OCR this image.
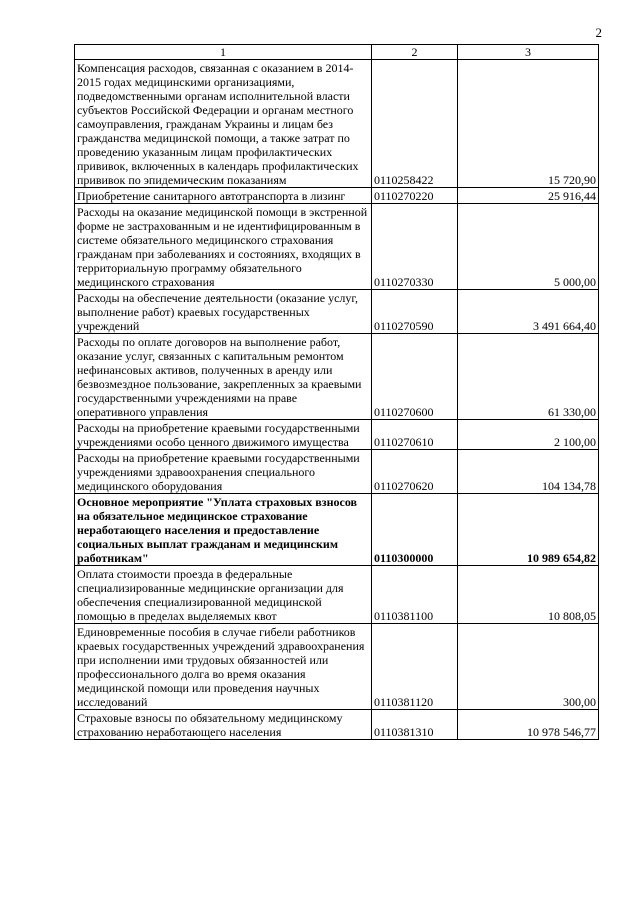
2
1	2	3
Компенсация расходов, связанная с оказанием в 2014-2015 годах медицинскими организациями, подведомственными органам исполнительной власти субъектов Российской Федерации и органам местного самоуправления, гражданам Украины и лицам без гражданства медицинской помощи, а также затрат по проведению указанным лицам профилактических прививок, включенных в календарь профилактических прививок по эпидемическим показаниям	0110258422	15 720,90
Приобретение санитарного автотранспорта в лизинг	0110270220	25 916,44
Расходы на оказание медицинской помощи в экстренной форме не застрахованным и не идентифицированным в системе обязательного медицинского страхования гражданам при заболеваниях и состояниях, входящих в территориальную программу обязательного медицинского страхования	0110270330	5 000,00
Расходы на обеспечение деятельности (оказание услуг, выполнение работ) краевых государственных учреждений	0110270590	3 491 664,40
Расходы по оплате договоров на выполнение работ, оказание услуг, связанных с капитальным ремонтом нефинансовых активов, полученных в аренду или безвозмездное пользование, закрепленных за краевыми государственными учреждениями на праве оперативного управления	0110270600	61 330,00
Расходы на приобретение краевыми государственными учреждениями особо ценного движимого имущества	0110270610	2 100,00
Расходы на приобретение краевыми государственными учреждениями здравоохранения специального медицинского оборудования	0110270620	104 134,78
Основное мероприятие "Уплата страховых взносов на обязательное медицинское страхование неработающего населения и предоставление социальных выплат гражданам и медицинским работникам"	0110300000	10 989 654,82
Оплата стоимости проезда в федеральные специализированные медицинские организации для обеспечения специализированной медицинской помощью в пределах выделяемых квот	0110381100	10 808,05
Единовременные пособия в случае гибели работников краевых государственных учреждений здравоохранения при исполнении ими трудовых обязанностей или профессионального долга во время оказания медицинской помощи или проведения научных исследований	0110381120	300,00
Страховые взносы по обязательному медицинскому страхованию неработающего населения	0110381310	10 978 546,77
